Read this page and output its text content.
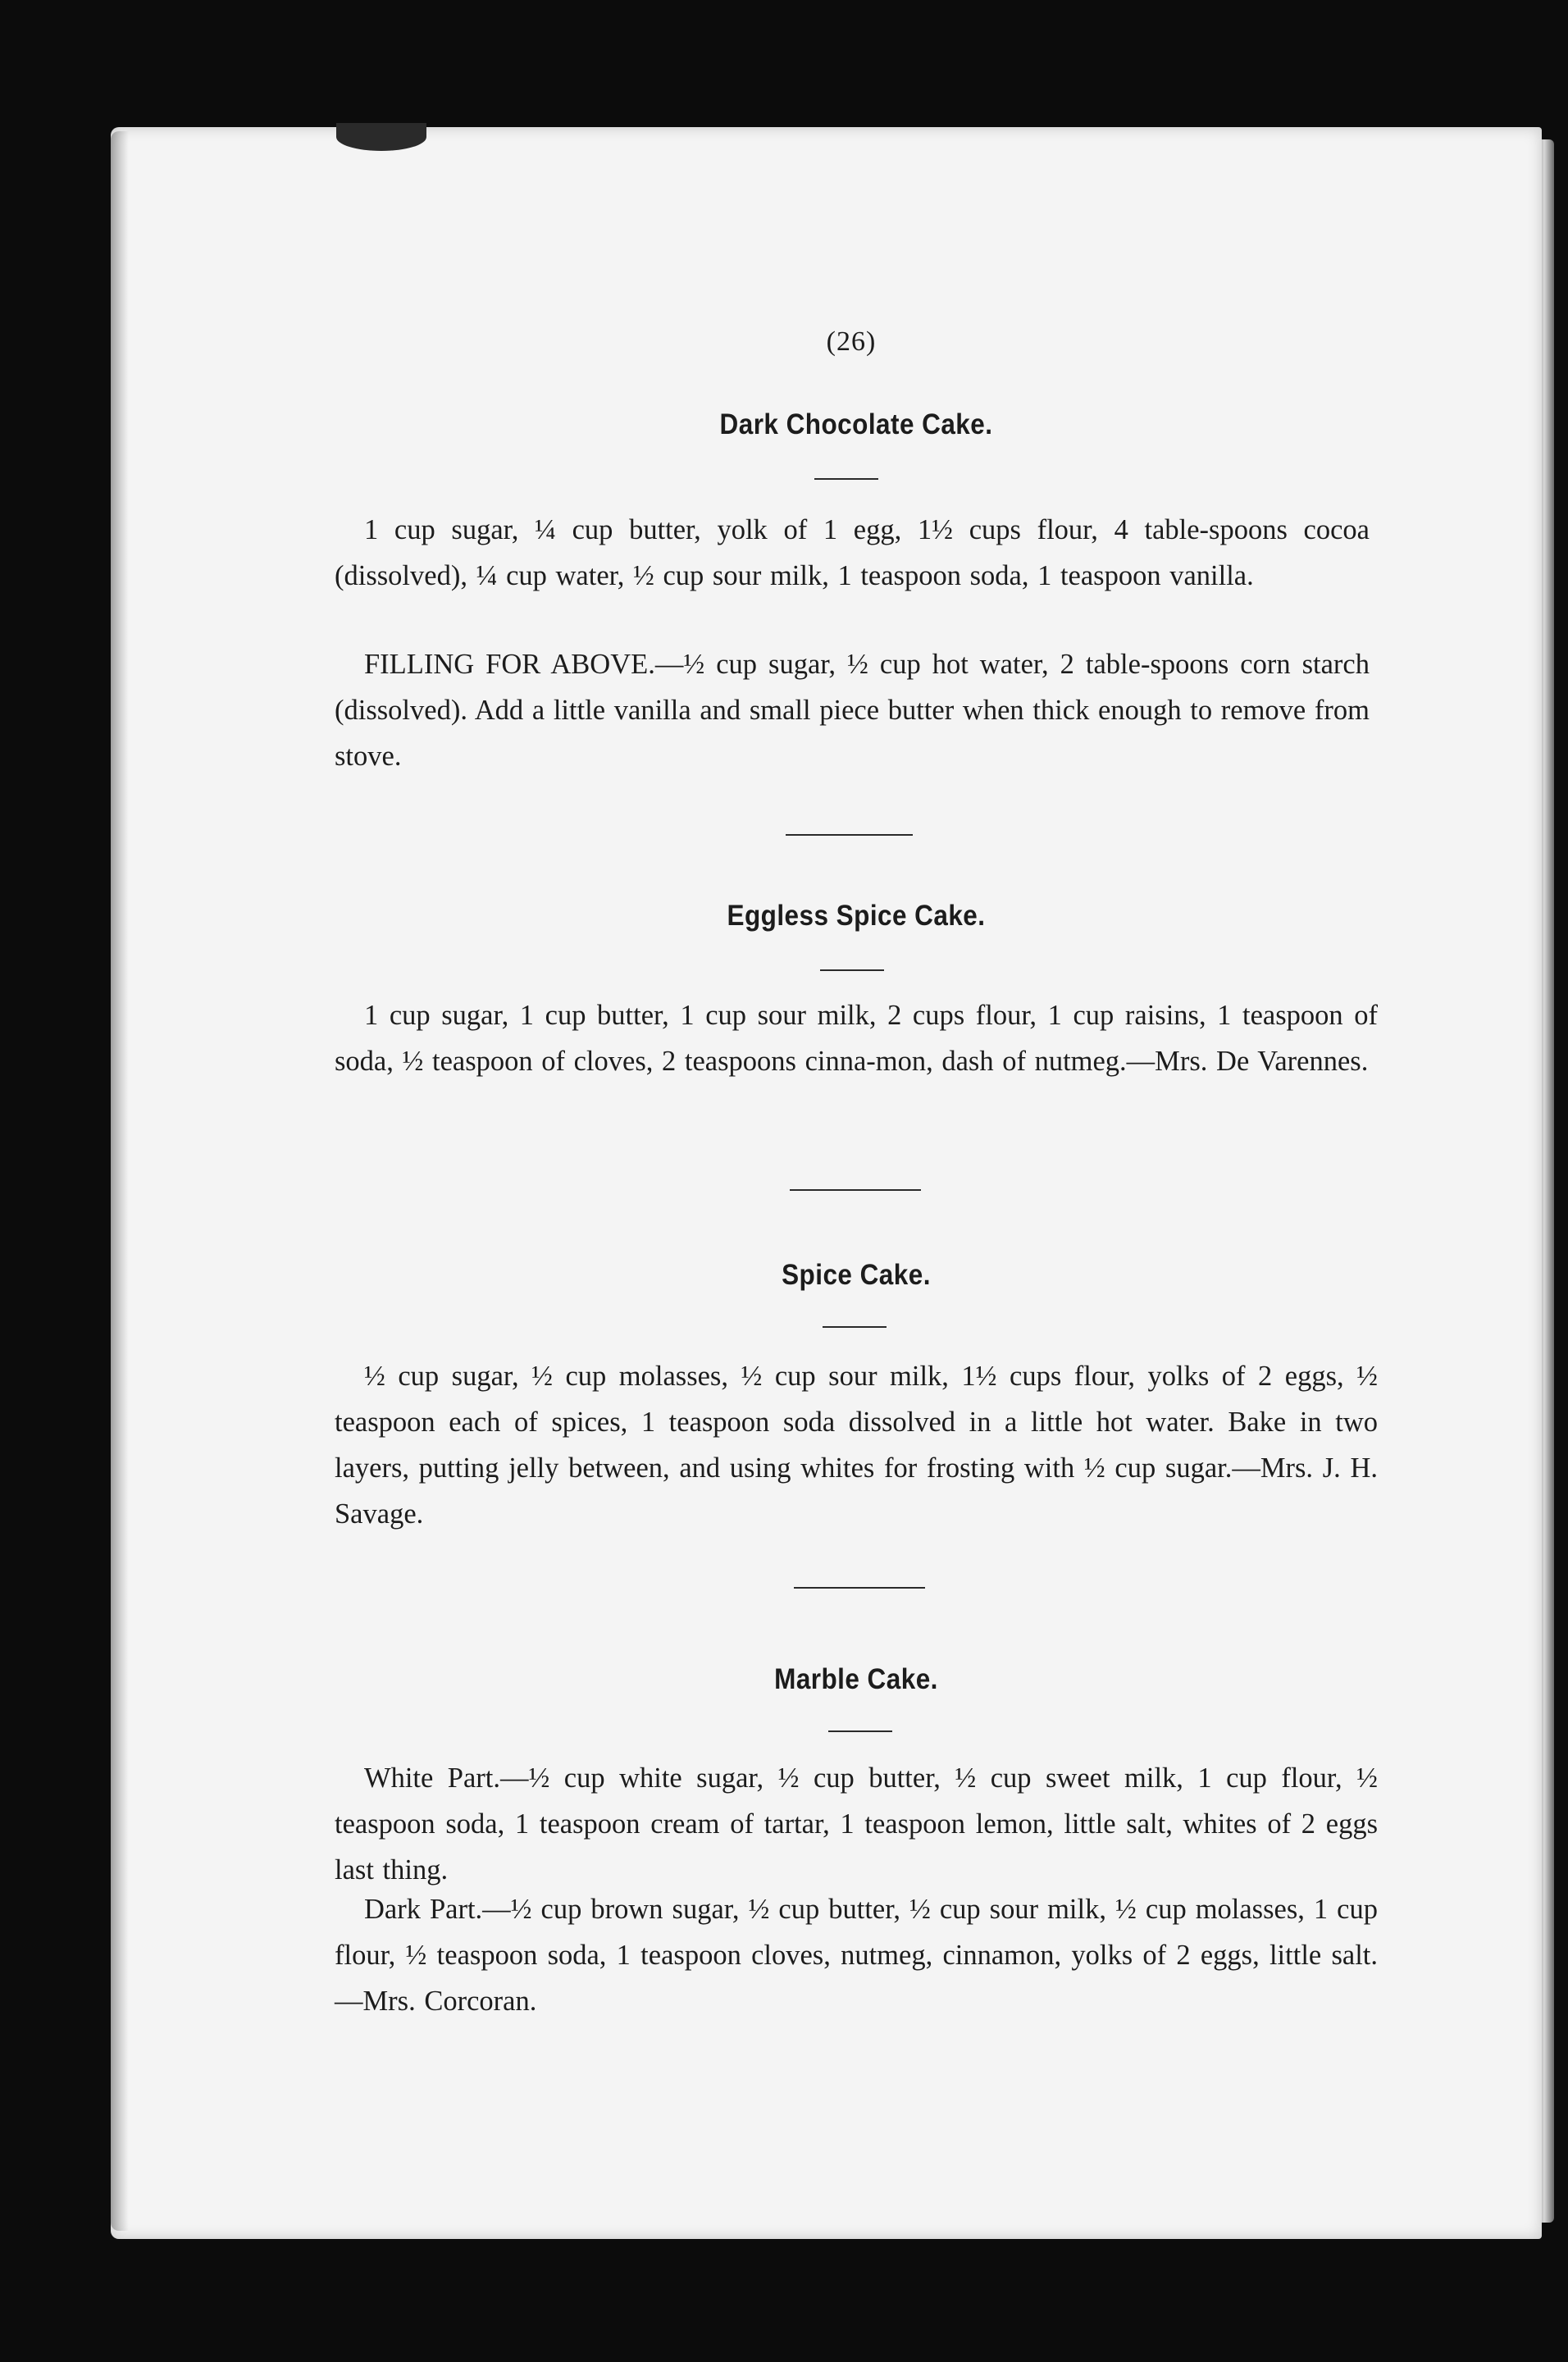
(26)
Dark Chocolate Cake.
1 cup sugar, ¼ cup butter, yolk of 1 egg, 1½ cups flour, 4 table-spoons cocoa (dissolved), ¼ cup water, ½ cup sour milk, 1 teaspoon soda, 1 teaspoon vanilla.
FILLING FOR ABOVE.—½ cup sugar, ½ cup hot water, 2 table-spoons corn starch (dissolved). Add a little vanilla and small piece butter when thick enough to remove from stove.
Eggless Spice Cake.
1 cup sugar, 1 cup butter, 1 cup sour milk, 2 cups flour, 1 cup raisins, 1 teaspoon of soda, ½ teaspoon of cloves, 2 teaspoons cinna-mon, dash of nutmeg.—Mrs. De Varennes.
Spice Cake.
½ cup sugar, ½ cup molasses, ½ cup sour milk, 1½ cups flour, yolks of 2 eggs, ½ teaspoon each of spices, 1 teaspoon soda dissolved in a little hot water. Bake in two layers, putting jelly between, and using whites for frosting with ½ cup sugar.—Mrs. J. H. Savage.
Marble Cake.
White Part.—½ cup white sugar, ½ cup butter, ½ cup sweet milk, 1 cup flour, ½ teaspoon soda, 1 teaspoon cream of tartar, 1 teaspoon lemon, little salt, whites of 2 eggs last thing.
Dark Part.—½ cup brown sugar, ½ cup butter, ½ cup sour milk, ½ cup molasses, 1 cup flour, ½ teaspoon soda, 1 teaspoon cloves, nutmeg, cinnamon, yolks of 2 eggs, little salt.—Mrs. Corcoran.
